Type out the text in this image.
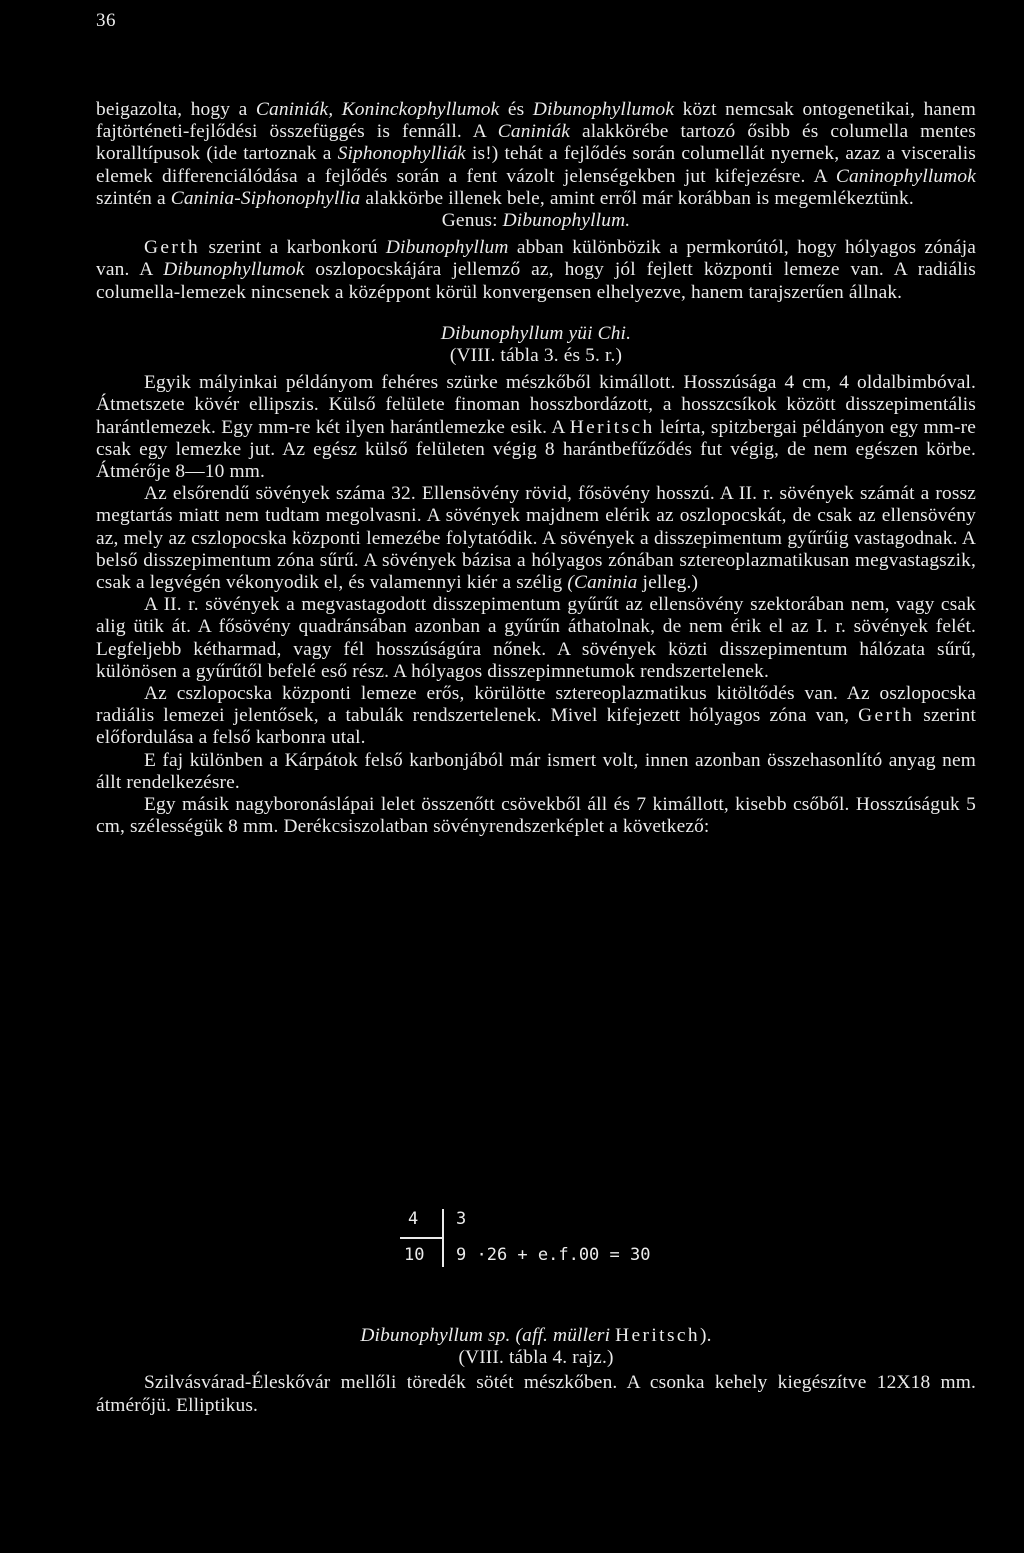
36

beigazolta, hogy a Caniniák, Koninckophyllumok és Dibunophyllumok közt nemcsak ontogenetikai, hanem fajtörténeti-fejlődési összefüggés is fennáll. A Caniniák alakkörébe tartozó ősibb és columella mentes koralltípusok (ide tartoznak a Siphonophylliák is!) tehát a fejlődés során columellát nyernek, azaz a visceralis elemek differenciálódása a fejlődés során a fent vázolt jelenségekben jut kifejezésre. A Caninophyllumok szintén a Caninia-Siphonophyllia alakkörbe illenek bele, amint erről már korábban is megemlékeztünk.

Genus: Dibunophyllum.

Gerth szerint a karbonkorú Dibunophyllum abban különbözik a permkorútól, hogy hólyagos zónája van. A Dibunophyllumok oszlopocskájára jellemző az, hogy jól fejlett központi lemeze van. A radiális columella-lemezek nincsenek a középpont körül konvergensen elhelyezve, hanem tarajszerűen állnak.

Dibunophyllum yüi Chi.

(VIII. tábla 3. és 5. r.)

Egyik mályinkai példányom fehéres szürke mészkőből kimállott. Hosszúsága 4 cm, 4 oldalbimbóval. Átmetszete kövér ellipszis. Külső felülete finoman hosszbordázott, a hosszcsíkok között disszepimentális harántlemezek. Egy mm-re két ilyen harántlemezke esik. A Heritsch leírta, spitzbergai példányon egy mm-re csak egy lemezke jut. Az egész külső felületen végig 8 harántbefűződés fut végig, de nem egészen körbe. Átmérője 8—10 mm.

Az elsőrendű sövények száma 32. Ellensövény rövid, fősövény hosszú. A II. r. sövények számát a rossz megtartás miatt nem tudtam megolvasni. A sövények majdnem elérik az oszlopocskát, de csak az ellensövény az, mely az cszlopocska központi lemezébe folytatódik. A sövények a disszepimentum gyűrűig vastagodnak. A belső disszepimentum zóna sűrű. A sövények bázisa a hólyagos zónában sztereoplazmatikusan megvastagszik, csak a legvégén vékonyodik el, és valamennyi kiér a szélig (Caninia jelleg.)

A II. r. sövények a megvastagodott disszepimentum gyűrűt az ellensövény szektorában nem, vagy csak alig ütik át. A fősövény quadránsában azonban a gyűrűn áthatolnak, de nem érik el az I. r. sövények felét. Legfeljebb kétharmad, vagy fél hosszúságúra nőnek. A sövények közti disszepimentum hálózata sűrű, különösen a gyűrűtől befelé eső rész. A hólyagos disszepimnetumok rendszertelenek.

Az cszlopocska központi lemeze erős, körülötte sztereoplazmatikus kitöltődés van. Az oszlopocska radiális lemezei jelentősek, a tabulák rendszertelenek. Mivel kifejezett hólyagos zóna van, Gerth szerint előfordulása a felső karbonra utal.

E faj különben a Kárpátok felső karbonjából már ismert volt, innen azonban összehasonlító anyag nem állt rendelkezésre.

Egy másik nagyboronáslápai lelet összenőtt csövekből áll és 7 kimállott, kisebb csőből. Hosszúságuk 5 cm, szélességük 8 mm. Derékcsiszolatban sövényrendszerképlet a következő:

4 3
10 9 ·26 + e.f.00 = 30

Dibunophyllum sp. (aff. mülleri Heritsch).

(VIII. tábla 4. rajz.)

Szilvásvárad-Éleskővár mellőli töredék sötét mészkőben. A csonka kehely kiegészítve 12X18 mm. átmérőjü. Elliptikus.
